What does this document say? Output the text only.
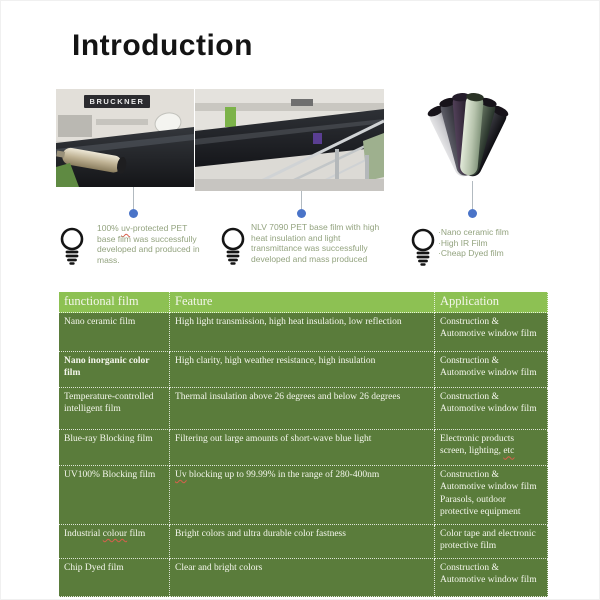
Introduction
BRUCKNER
100% uv-protected PET base film was successfully developed and produced in mass.
NLV 7090 PET base film with high heat insulation and light transmittance was successfully developed and mass produced
·Nano ceramic film
·High IR Film
·Cheap Dyed film
functional film	Feature	Application
Nano ceramic film	High light transmission, high heat insulation, low reflection	Construction & Automotive window film
Nano inorganic color film	High clarity, high weather resistance, high insulation	Construction & Automotive window film
Temperature-controlled intelligent film	Thermal insulation above 26 degrees and below 26 degrees	Construction & Automotive window film
Blue-ray Blocking film	Filtering out large amounts of short-wave blue light	Electronic products screen, lighting, etc
UV100% Blocking film	Uv blocking up to 99.99% in the range of 280-400nm	Construction & Automotive window film Parasols, outdoor protective equipment
Industrial colour film	Bright colors and ultra durable color fastness	Color tape and electronic protective film
Chip Dyed film	Clear and bright colors	Construction & Automotive window film
